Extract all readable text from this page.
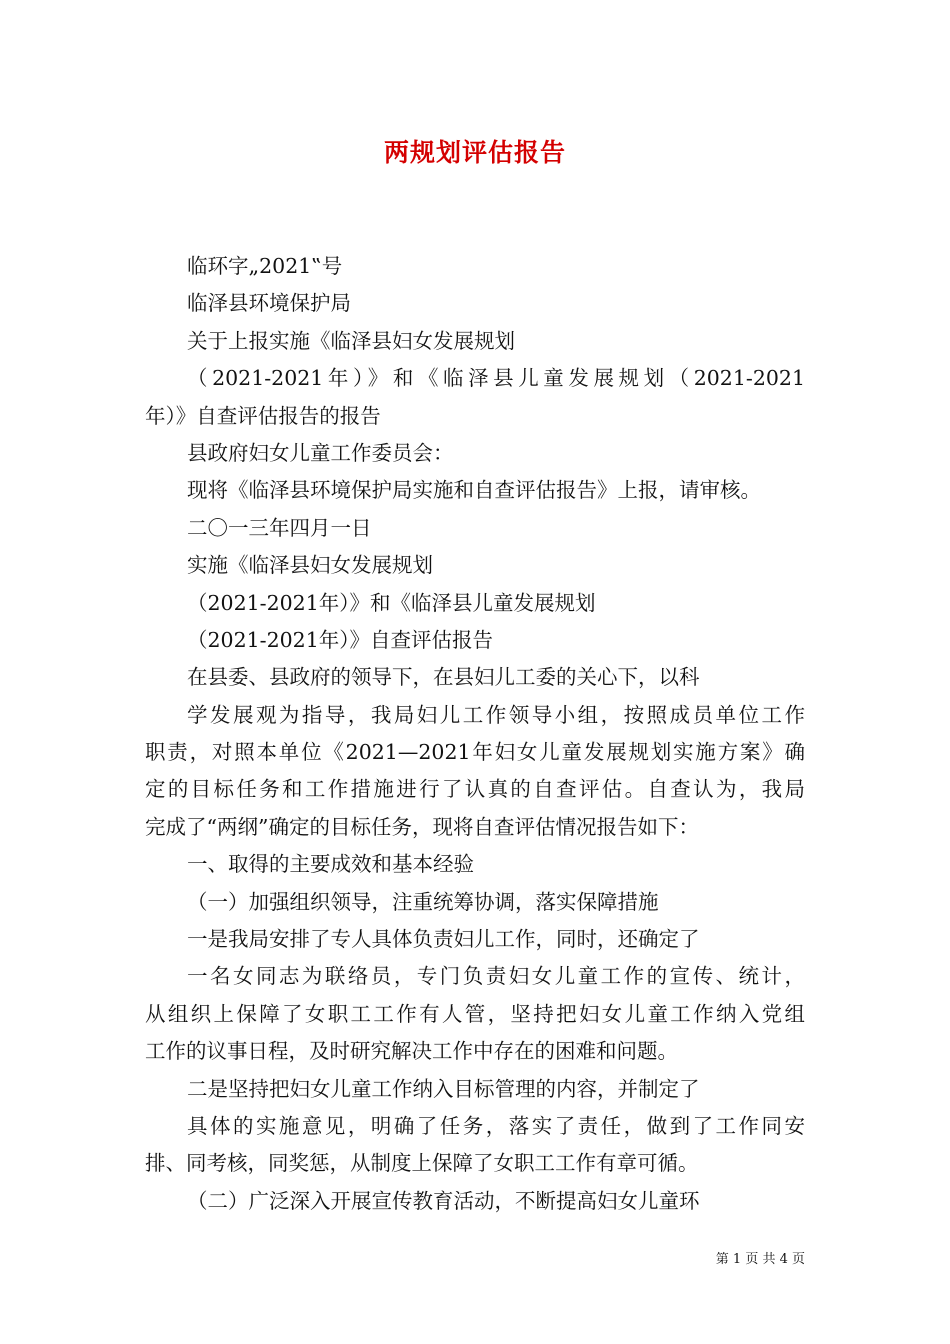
两规划评估报告
临环字„2021‟号
临泽县环境保护局
关于上报实施《临泽县妇女发展规划
（2021-2021年）》和《临泽县儿童发展规划（2021-2021
年）》自查评估报告的报告
县政府妇女儿童工作委员会：
现将《临泽县环境保护局实施和自查评估报告》上报，请审核。
二〇一三年四月一日
实施《临泽县妇女发展规划
（2021-2021年）》和《临泽县儿童发展规划
（2021-2021年）》自查评估报告
在县委、县政府的领导下，在县妇儿工委的关心下，以科
学发展观为指导，我局妇儿工作领导小组，按照成员单位工作
职责，对照本单位《2021—2021年妇女儿童发展规划实施方案》确
定的目标任务和工作措施进行了认真的自查评估。自查认为，我局
完成了“两纲”确定的目标任务，现将自查评估情况报告如下：
一、取得的主要成效和基本经验
（一）加强组织领导，注重统筹协调，落实保障措施
一是我局安排了专人具体负责妇儿工作，同时，还确定了
一名女同志为联络员，专门负责妇女儿童工作的宣传、统计，
从组织上保障了女职工工作有人管，坚持把妇女儿童工作纳入党组
工作的议事日程，及时研究解决工作中存在的困难和问题。
二是坚持把妇女儿童工作纳入目标管理的内容，并制定了
具体的实施意见，明确了任务，落实了责任，做到了工作同安
排、同考核，同奖惩，从制度上保障了女职工工作有章可循。
（二）广泛深入开展宣传教育活动，不断提高妇女儿童环
第 1 页 共 4 页
